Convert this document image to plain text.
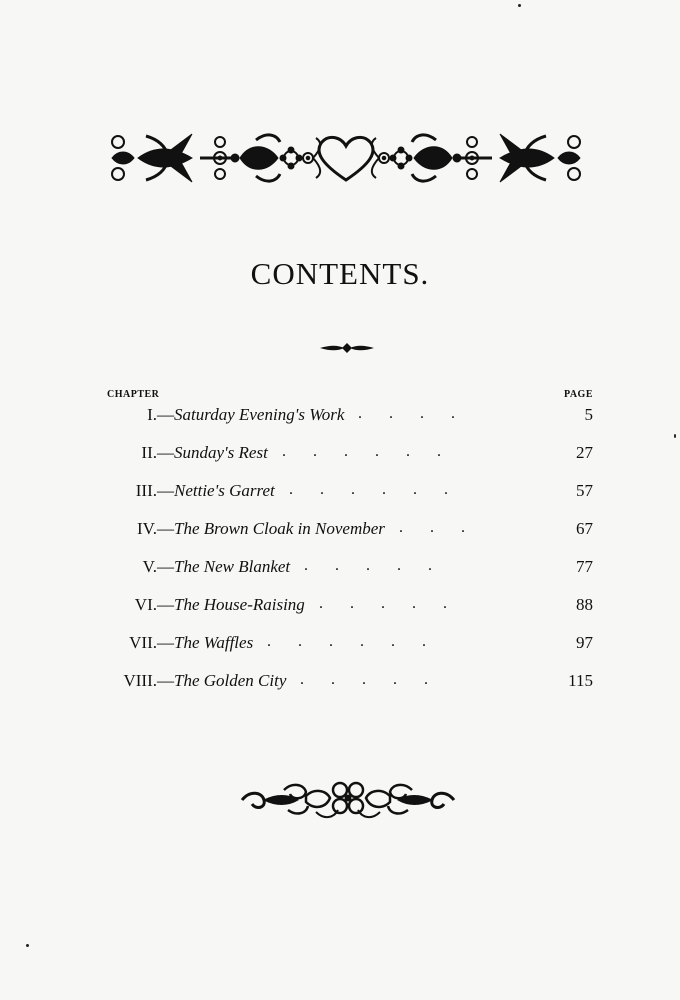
CONTENTS.
CHAPTER	PAGE
I. —Saturday Evening's Work	5
....
II. —Sunday's Rest	27
......
III. —Nettie's Garret	57
......
IV. —The Brown Cloak in November	67
...
V. —The New Blanket	77
.....
VI. —The House-Raising	88
.....
VII. —The Waffles	97
......
VIII. —The Golden City	115
.....
